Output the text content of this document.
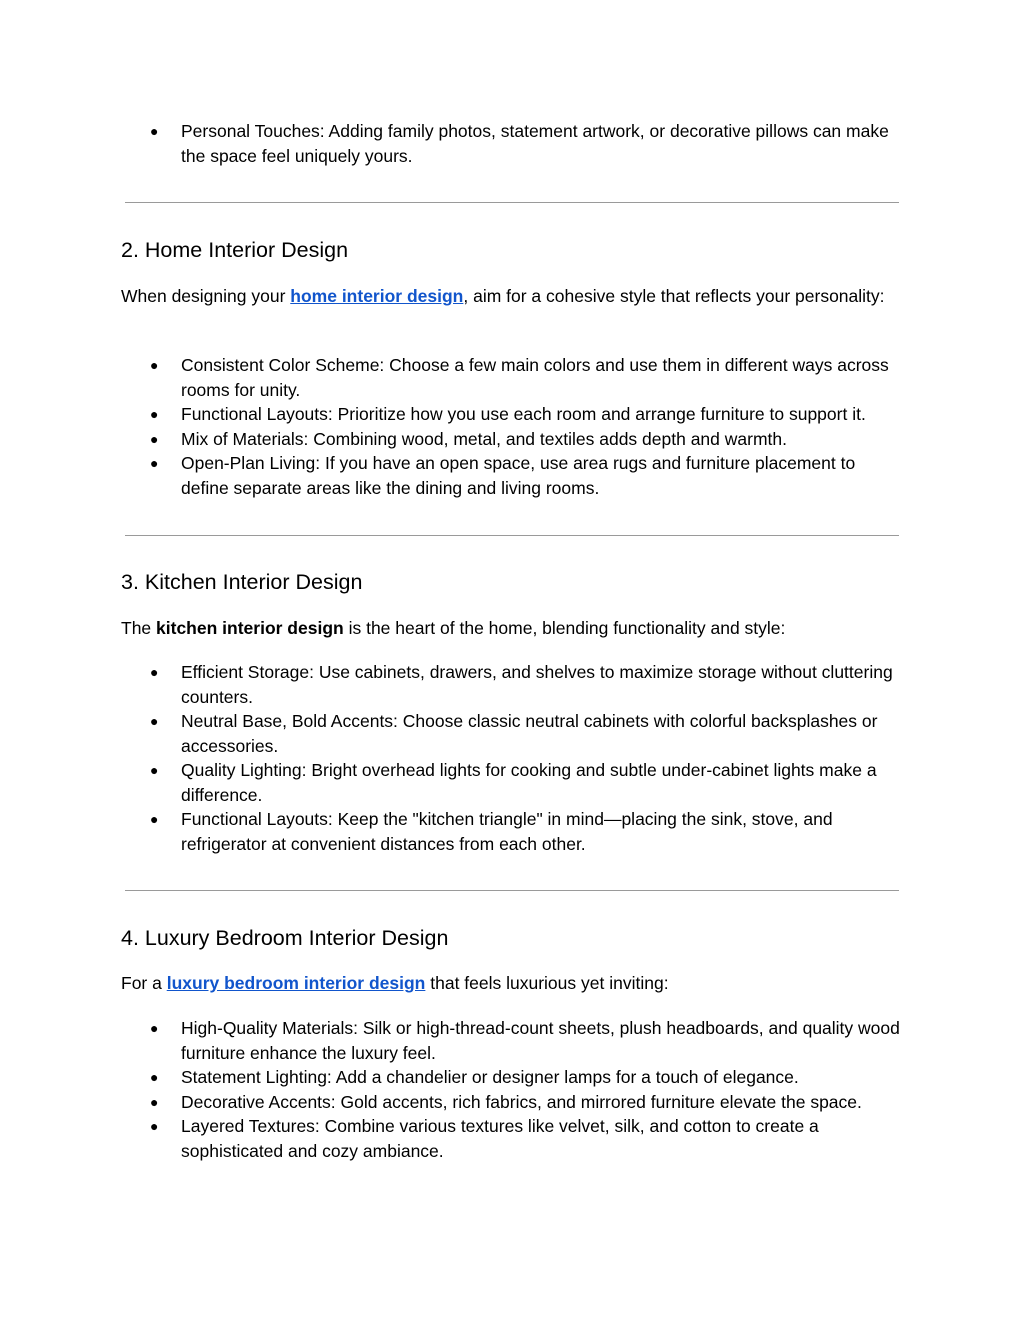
●	Personal Touches: Adding family photos, statement artwork, or decorative pillows can make the space feel uniquely yours.
2. Home Interior Design

When designing your home interior design, aim for a cohesive style that reflects your personality:

●	Consistent Color Scheme: Choose a few main colors and use them in different ways across rooms for unity.
●	Functional Layouts: Prioritize how you use each room and arrange furniture to support it.
●	Mix of Materials: Combining wood, metal, and textiles adds depth and warmth.
●	Open-Plan Living: If you have an open space, use area rugs and furniture placement to define separate areas like the dining and living rooms.
3. Kitchen Interior Design

The kitchen interior design is the heart of the home, blending functionality and style:

●	Efficient Storage: Use cabinets, drawers, and shelves to maximize storage without cluttering counters.
●	Neutral Base, Bold Accents: Choose classic neutral cabinets with colorful backsplashes or accessories.
●	Quality Lighting: Bright overhead lights for cooking and subtle under-cabinet lights make a difference.
●	Functional Layouts: Keep the "kitchen triangle" in mind—placing the sink, stove, and refrigerator at convenient distances from each other.
4. Luxury Bedroom Interior Design

For a luxury bedroom interior design that feels luxurious yet inviting:

●	High-Quality Materials: Silk or high-thread-count sheets, plush headboards, and quality wood furniture enhance the luxury feel.
●	Statement Lighting: Add a chandelier or designer lamps for a touch of elegance.
●	Decorative Accents: Gold accents, rich fabrics, and mirrored furniture elevate the space.
●	Layered Textures: Combine various textures like velvet, silk, and cotton to create a sophisticated and cozy ambiance.
